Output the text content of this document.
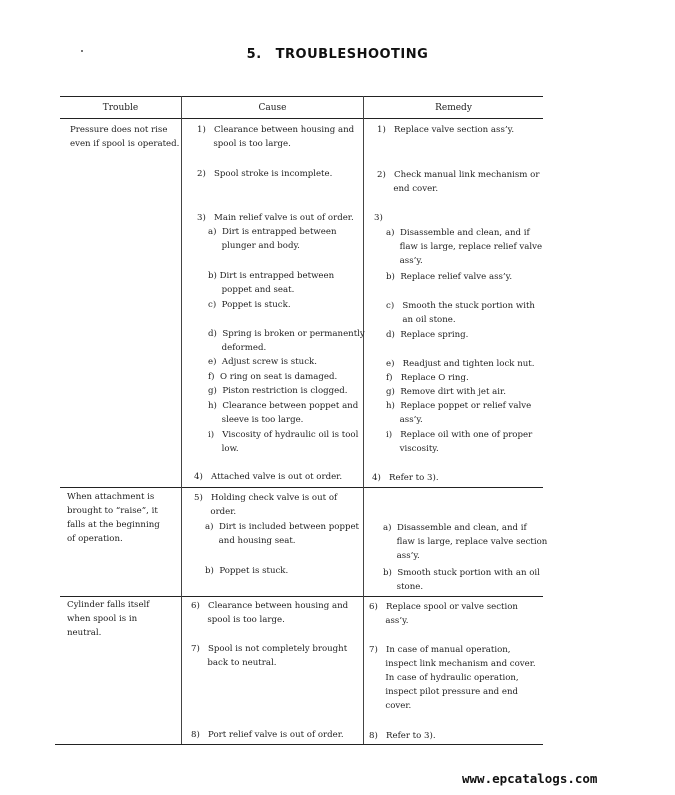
5. TROUBLESHOOTING
Trouble	Cause	Remedy
Pressure does not rise
even if spool is operated.
When attachment is
brought to “raise”, it
falls at the beginning
of operation.
Cylinder falls itself
when spool is in
neutral.
1)   Clearance between housing and
spool is too large.
2)   Spool stroke is incomplete.
3)   Main relief valve is out of order.
a)  Dirt is entrapped between
plunger and body.
b) Dirt is entrapped between
poppet and seat.
c)  Poppet is stuck.
d)  Spring is broken or permanently
deformed.
e)  Adjust screw is stuck.
f)  O ring on seat is damaged.
g)  Piston restriction is clogged.
h)  Clearance between poppet and
sleeve is too large.
i)   Viscosity of hydraulic oil is tool
low.
4)   Attached valve is out ot order.
5)   Holding check valve is out of
order.
a)  Dirt is included between poppet
and housing seat.
b)  Poppet is stuck.
6)   Clearance between housing and
spool is too large.
7)   Spool is not completely brought
back to neutral.
8)   Port relief valve is out of order.
1)   Replace valve section ass’y.
2)   Check manual link mechanism or
end cover.
3)
a)  Disassemble and clean, and if
flaw is large, replace relief valve
ass’y.
b)  Replace relief valve ass’y.
c)   Smooth the stuck portion with
an oil stone.
d)  Replace spring.
e)   Readjust and tighten lock nut.
f)   Replace O ring.
g)  Remove dirt with jet air.
h)  Replace poppet or relief valve
ass’y.
i)   Replace oil with one of proper
viscosity.
4)   Refer to 3).
a)  Disassemble and clean, and if
flaw is large, replace valve section
ass’y.
b)  Smooth stuck portion with an oil
stone.
6)   Replace spool or valve section
ass’y.
7)   In case of manual operation,
inspect link mechanism and cover.
In case of hydraulic operation,
inspect pilot pressure and end
cover.
8)   Refer to 3).
www.epcatalogs.com
